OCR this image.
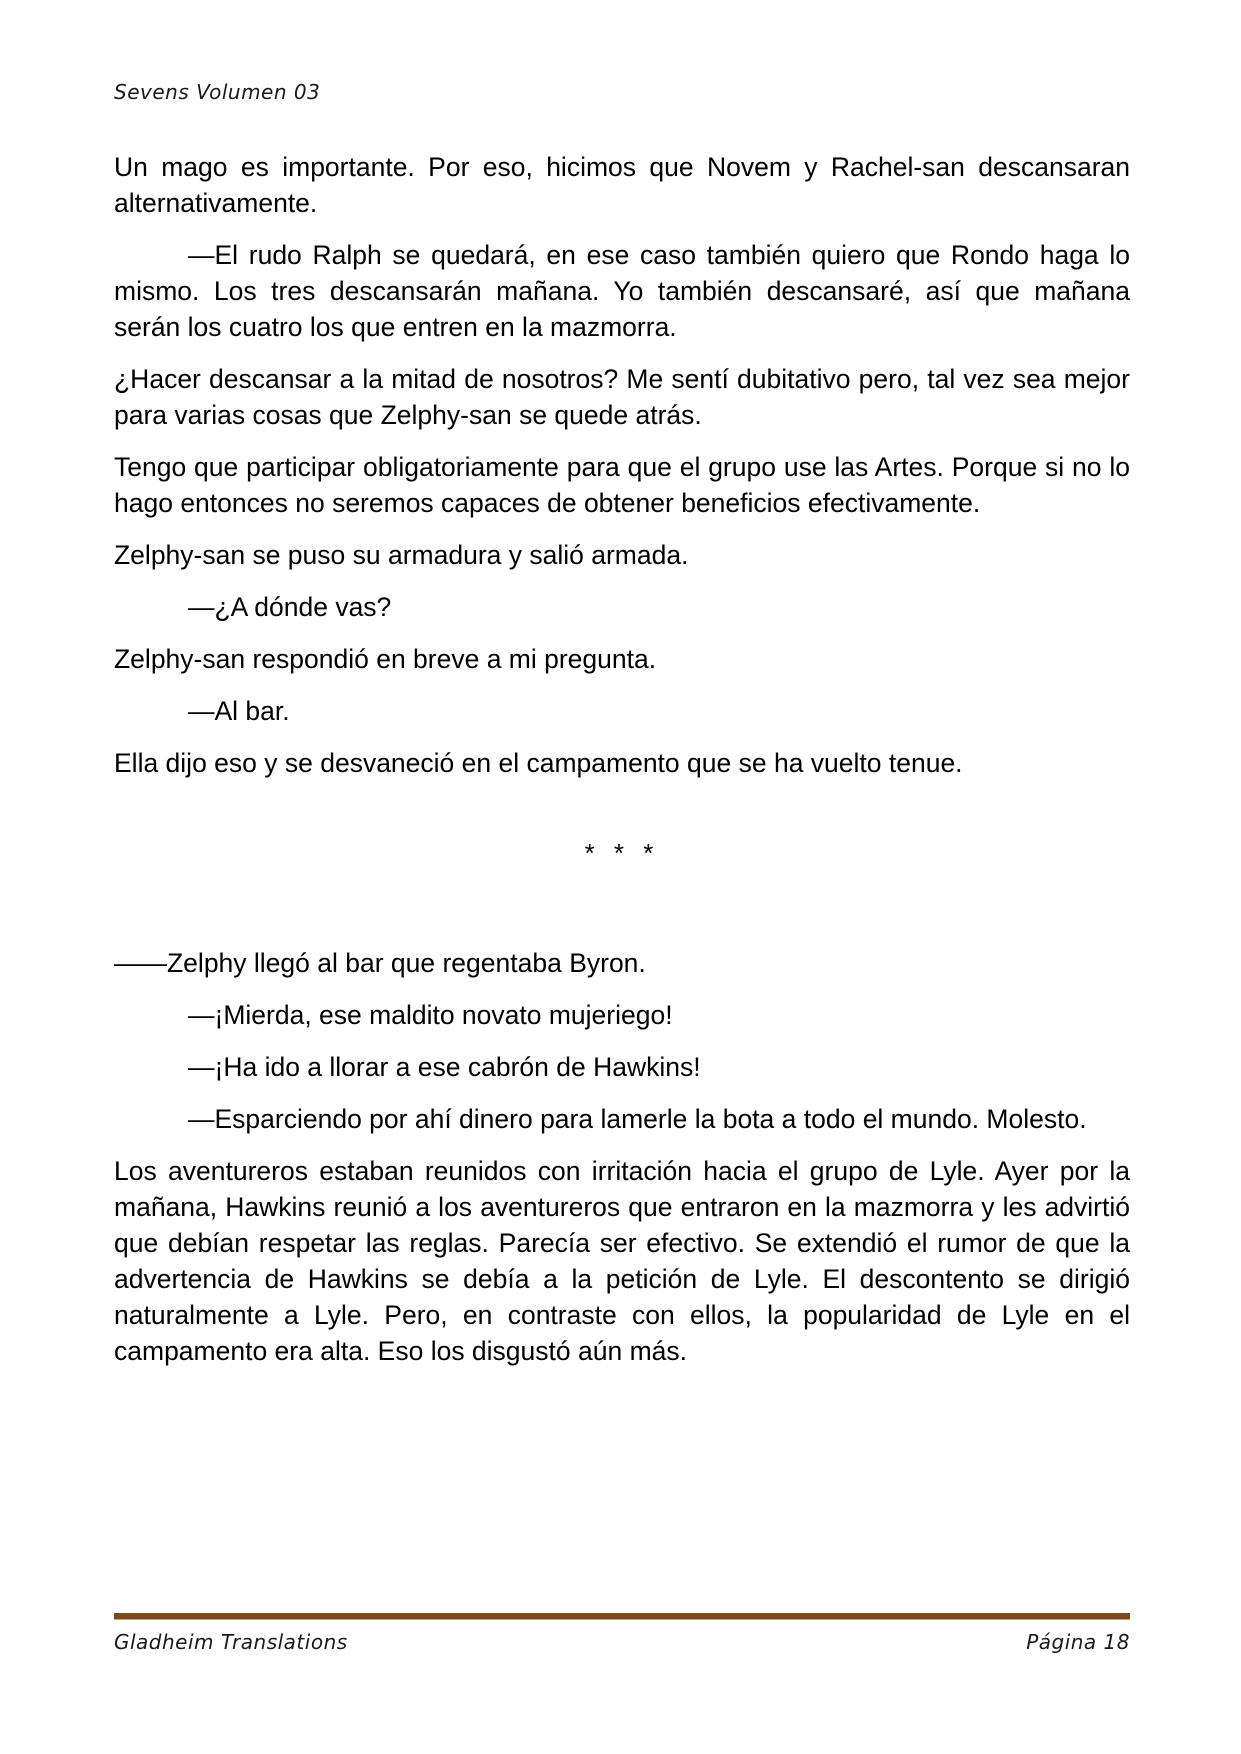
Sevens Volumen 03

Un mago es importante. Por eso, hicimos que Novem y Rachel-san descansaran alternativamente.

—El rudo Ralph se quedará, en ese caso también quiero que Rondo haga lo mismo. Los tres descansarán mañana. Yo también descansaré, así que mañana serán los cuatro los que entren en la mazmorra.

¿Hacer descansar a la mitad de nosotros? Me sentí dubitativo pero, tal vez sea mejor para varias cosas que Zelphy-san se quede atrás.

Tengo que participar obligatoriamente para que el grupo use las Artes. Porque si no lo hago entonces no seremos capaces de obtener beneficios efectivamente.

Zelphy-san se puso su armadura y salió armada.

—¿A dónde vas?

Zelphy-san respondió en breve a mi pregunta.

—Al bar.

Ella dijo eso y se desvaneció en el campamento que se ha vuelto tenue.

* * *

——Zelphy llegó al bar que regentaba Byron.

—¡Mierda, ese maldito novato mujeriego!

—¡Ha ido a llorar a ese cabrón de Hawkins!

—Esparciendo por ahí dinero para lamerle la bota a todo el mundo. Molesto.

Los aventureros estaban reunidos con irritación hacia el grupo de Lyle. Ayer por la mañana, Hawkins reunió a los aventureros que entraron en la mazmorra y les advirtió que debían respetar las reglas. Parecía ser efectivo. Se extendió el rumor de que la advertencia de Hawkins se debía a la petición de Lyle. El descontento se dirigió naturalmente a Lyle. Pero, en contraste con ellos, la popularidad de Lyle en el campamento era alta. Eso los disgustó aún más.

Gladheim Translations	Página 18
